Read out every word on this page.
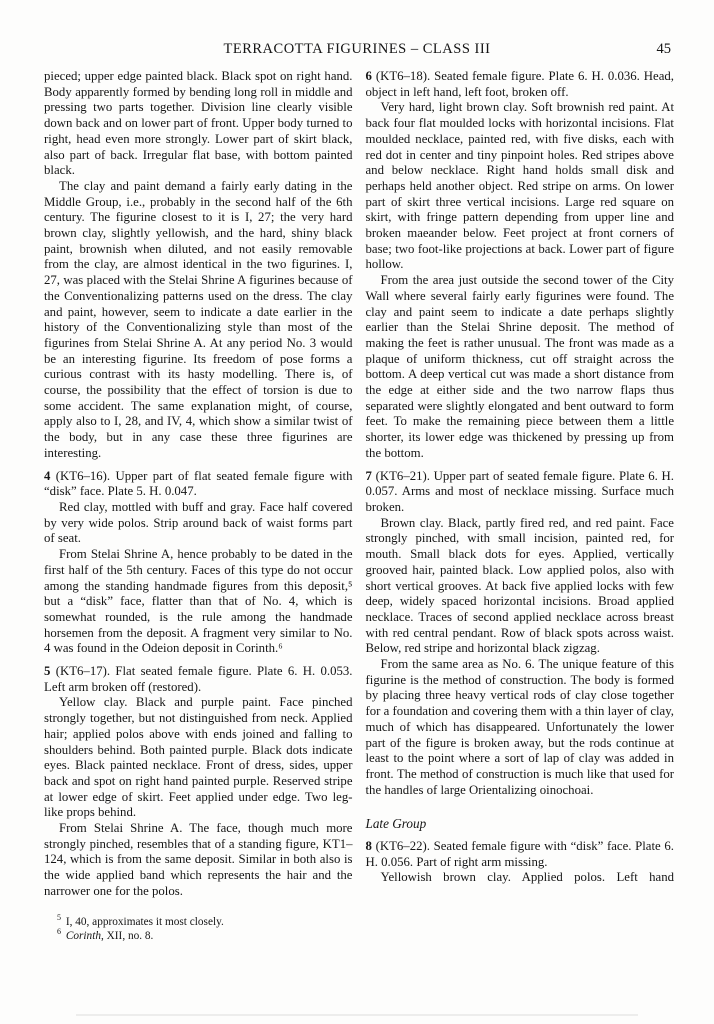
TERRACOTTA FIGURINES – CLASS III	45

pieced; upper edge painted black. Black spot on right hand. Body apparently formed by bending long roll in middle and pressing two parts together. Division line clearly visible down back and on lower part of front. Upper body turned to right, head even more strongly. Lower part of skirt black, also part of back. Irregular flat base, with bottom painted black.

The clay and paint demand a fairly early dating in the Middle Group, i.e., probably in the second half of the 6th century. The figurine closest to it is I, 27; the very hard brown clay, slightly yellowish, and the hard, shiny black paint, brownish when diluted, and not easily removable from the clay, are almost identical in the two figurines. I, 27, was placed with the Stelai Shrine A figurines because of the Conventionalizing patterns used on the dress. The clay and paint, however, seem to indicate a date earlier in the history of the Conventionalizing style than most of the figurines from Stelai Shrine A. At any period No. 3 would be an interesting figurine. Its freedom of pose forms a curious contrast with its hasty modelling. There is, of course, the possibility that the effect of torsion is due to some accident. The same explanation might, of course, apply also to I, 28, and IV, 4, which show a similar twist of the body, but in any case these three figurines are interesting.

4 (KT6–16). Upper part of flat seated female figure with “disk” face. Plate 5. H. 0.047.

Red clay, mottled with buff and gray. Face half covered by very wide polos. Strip around back of waist forms part of seat.

From Stelai Shrine A, hence probably to be dated in the first half of the 5th century. Faces of this type do not occur among the standing handmade figures from this deposit,⁵ but a “disk” face, flatter than that of No. 4, which is somewhat rounded, is the rule among the handmade horsemen from the deposit. A fragment very similar to No. 4 was found in the Odeion deposit in Corinth.⁶

5 (KT6–17). Flat seated female figure. Plate 6. H. 0.053. Left arm broken off (restored).

Yellow clay. Black and purple paint. Face pinched strongly together, but not distinguished from neck. Applied hair; applied polos above with ends joined and falling to shoulders behind. Both painted purple. Black dots indicate eyes. Black painted necklace. Front of dress, sides, upper back and spot on right hand painted purple. Reserved stripe at lower edge of skirt. Feet applied under edge. Two leg-like props behind.

From Stelai Shrine A. The face, though much more strongly pinched, resembles that of a standing figure, KT1–124, which is from the same deposit. Similar in both also is the wide applied band which represents the hair and the narrower one for the polos.

$^5$ I, 40, approximates it most closely.

$^6$ Corinth, XII, no. 8.

6 (KT6–18). Seated female figure. Plate 6. H. 0.036. Head, object in left hand, left foot, broken off.

Very hard, light brown clay. Soft brownish red paint. At back four flat moulded locks with horizontal incisions. Flat moulded necklace, painted red, with five disks, each with red dot in center and tiny pinpoint holes. Red stripes above and below necklace. Right hand holds small disk and perhaps held another object. Red stripe on arms. On lower part of skirt three vertical incisions. Large red square on skirt, with fringe pattern depending from upper line and broken maeander below. Feet project at front corners of base; two foot-like projections at back. Lower part of figure hollow.

From the area just outside the second tower of the City Wall where several fairly early figurines were found. The clay and paint seem to indicate a date perhaps slightly earlier than the Stelai Shrine deposit. The method of making the feet is rather unusual. The front was made as a plaque of uniform thickness, cut off straight across the bottom. A deep vertical cut was made a short distance from the edge at either side and the two narrow flaps thus separated were slightly elongated and bent outward to form feet. To make the remaining piece between them a little shorter, its lower edge was thickened by pressing up from the bottom.

7 (KT6–21). Upper part of seated female figure. Plate 6. H. 0.057. Arms and most of necklace missing. Surface much broken.

Brown clay. Black, partly fired red, and red paint. Face strongly pinched, with small incision, painted red, for mouth. Small black dots for eyes. Applied, vertically grooved hair, painted black. Low applied polos, also with short vertical grooves. At back five applied locks with few deep, widely spaced horizontal incisions. Broad applied necklace. Traces of second applied necklace across breast with red central pendant. Row of black spots across waist. Below, red stripe and horizontal black zigzag.

From the same area as No. 6. The unique feature of this figurine is the method of construction. The body is formed by placing three heavy vertical rods of clay close together for a foundation and covering them with a thin layer of clay, much of which has disappeared. Unfortunately the lower part of the figure is broken away, but the rods continue at least to the point where a sort of lap of clay was added in front. The method of construction is much like that used for the handles of large Orientalizing oinochoai.

Late Group

8 (KT6–22). Seated female figure with “disk” face. Plate 6. H. 0.056. Part of right arm missing.

Yellowish brown clay. Applied polos. Left hand
